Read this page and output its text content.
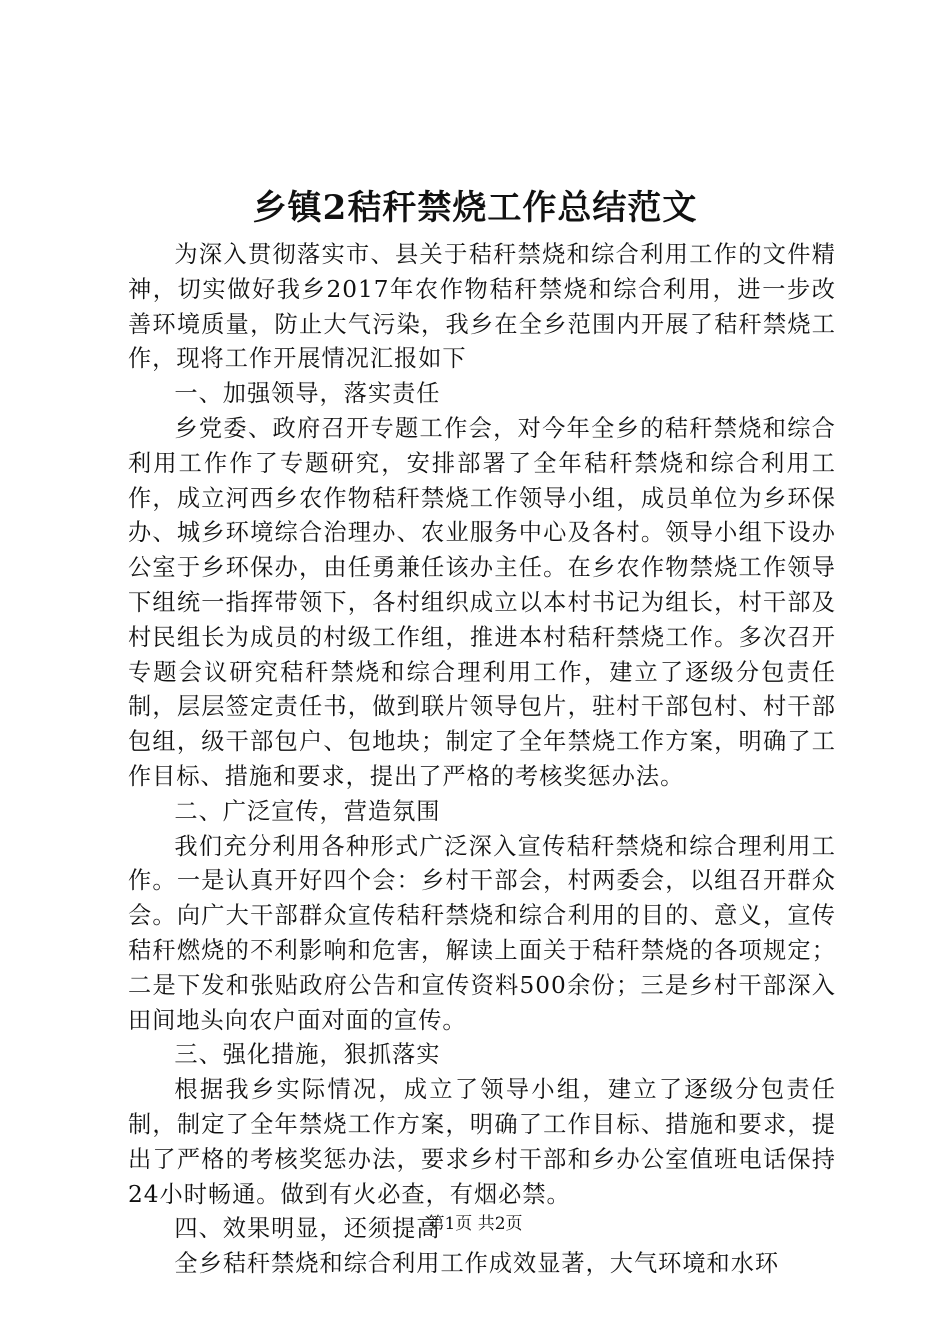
乡镇2秸秆禁烧工作总结范文

为深入贯彻落实市、县关于秸秆禁烧和综合利用工作的文件精神，切实做好我乡2017年农作物秸秆禁烧和综合利用，进一步改善环境质量，防止大气污染，我乡在全乡范围内开展了秸秆禁烧工作，现将工作开展情况汇报如下

一、加强领导，落实责任

乡党委、政府召开专题工作会，对今年全乡的秸秆禁烧和综合利用工作作了专题研究，安排部署了全年秸秆禁烧和综合利用工作，成立河西乡农作物秸秆禁烧工作领导小组，成员单位为乡环保办、城乡环境综合治理办、农业服务中心及各村。领导小组下设办公室于乡环保办，由任勇兼任该办主任。在乡农作物禁烧工作领导下组统一指挥带领下，各村组织成立以本村书记为组长，村干部及村民组长为成员的村级工作组，推进本村秸秆禁烧工作。多次召开专题会议研究秸秆禁烧和综合理利用工作，建立了逐级分包责任制，层层签定责任书，做到联片领导包片，驻村干部包村、村干部包组，级干部包户、包地块；制定了全年禁烧工作方案，明确了工作目标、措施和要求，提出了严格的考核奖惩办法。

二、广泛宣传，营造氛围

我们充分利用各种形式广泛深入宣传秸秆禁烧和综合理利用工作。一是认真开好四个会：乡村干部会，村两委会，以组召开群众会。向广大干部群众宣传秸秆禁烧和综合利用的目的、意义，宣传秸秆燃烧的不利影响和危害，解读上面关于秸秆禁烧的各项规定；二是下发和张贴政府公告和宣传资料500余份；三是乡村干部深入田间地头向农户面对面的宣传。

三、强化措施，狠抓落实

根据我乡实际情况，成立了领导小组，建立了逐级分包责任制，制定了全年禁烧工作方案，明确了工作目标、措施和要求，提出了严格的考核奖惩办法，要求乡村干部和乡办公室值班电话保持24小时畅通。做到有火必查，有烟必禁。

四、效果明显，还须提高

全乡秸秆禁烧和综合利用工作成效显著，大气环境和水环

第1页 共2页
